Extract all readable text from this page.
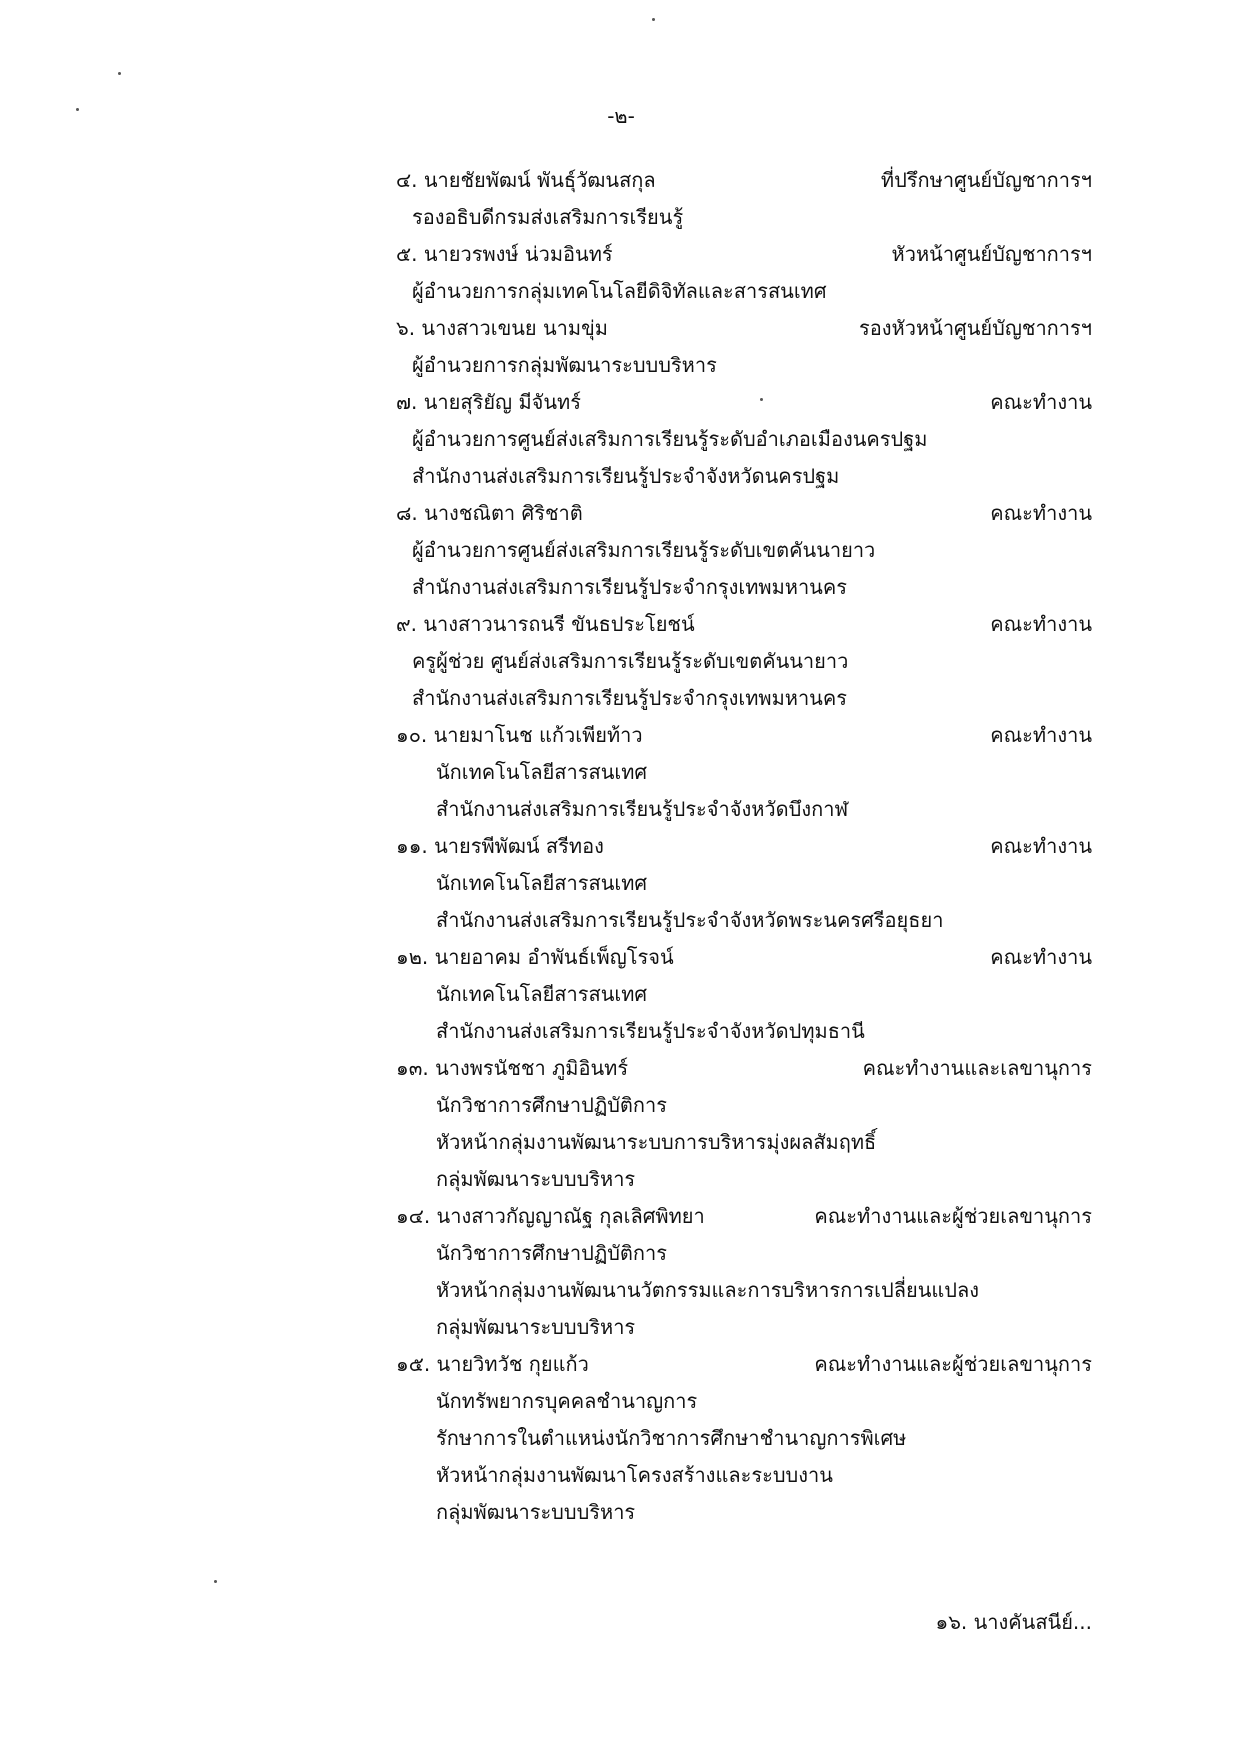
-๒-
๔. นายชัยพัฒน์ พันธุ์วัฒนสกุล	ที่ปรึกษาศูนย์บัญชาการฯ
รองอธิบดีกรมส่งเสริมการเรียนรู้
๕. นายวรพงษ์ น่วมอินทร์	หัวหน้าศูนย์บัญชาการฯ
ผู้อำนวยการกลุ่มเทคโนโลยีดิจิทัลและสารสนเทศ
๖. นางสาวเขนย นามขุ่ม	รองหัวหน้าศูนย์บัญชาการฯ
ผู้อำนวยการกลุ่มพัฒนาระบบบริหาร
๗. นายสุริยัญ มีจันทร์	คณะทำงาน
ผู้อำนวยการศูนย์ส่งเสริมการเรียนรู้ระดับอำเภอเมืองนครปฐม
สำนักงานส่งเสริมการเรียนรู้ประจำจังหวัดนครปฐม
๘. นางชณิตา ศิริชาติ	คณะทำงาน
ผู้อำนวยการศูนย์ส่งเสริมการเรียนรู้ระดับเขตคันนายาว
สำนักงานส่งเสริมการเรียนรู้ประจำกรุงเทพมหานคร
๙. นางสาวนารถนรี ขันธประโยชน์	คณะทำงาน
ครูผู้ช่วย ศูนย์ส่งเสริมการเรียนรู้ระดับเขตคันนายาว
สำนักงานส่งเสริมการเรียนรู้ประจำกรุงเทพมหานคร
๑๐. นายมาโนช แก้วเพียท้าว	คณะทำงาน
นักเทคโนโลยีสารสนเทศ
สำนักงานส่งเสริมการเรียนรู้ประจำจังหวัดบึงกาฬ
๑๑. นายรพีพัฒน์ สรีทอง	คณะทำงาน
นักเทคโนโลยีสารสนเทศ
สำนักงานส่งเสริมการเรียนรู้ประจำจังหวัดพระนครศรีอยุธยา
๑๒. นายอาคม อำพันธ์เพ็ญโรจน์	คณะทำงาน
นักเทคโนโลยีสารสนเทศ
สำนักงานส่งเสริมการเรียนรู้ประจำจังหวัดปทุมธานี
๑๓. นางพรนัชชา ภูมิอินทร์	คณะทำงานและเลขานุการ
นักวิชาการศึกษาปฏิบัติการ
หัวหน้ากลุ่มงานพัฒนาระบบการบริหารมุ่งผลสัมฤทธิ์
กลุ่มพัฒนาระบบบริหาร
๑๔. นางสาวกัญญาณัฐ กุลเลิศพิทยา	คณะทำงานและผู้ช่วยเลขานุการ
นักวิชาการศึกษาปฏิบัติการ
หัวหน้ากลุ่มงานพัฒนานวัตกรรมและการบริหารการเปลี่ยนแปลง
กลุ่มพัฒนาระบบบริหาร
๑๕. นายวิทวัช กุยแก้ว	คณะทำงานและผู้ช่วยเลขานุการ
นักทรัพยากรบุคคลชำนาญการ
รักษาการในตำแหน่งนักวิชาการศึกษาชำนาญการพิเศษ
หัวหน้ากลุ่มงานพัฒนาโครงสร้างและระบบงาน
กลุ่มพัฒนาระบบบริหาร
๑๖. นางคันสนีย์...
